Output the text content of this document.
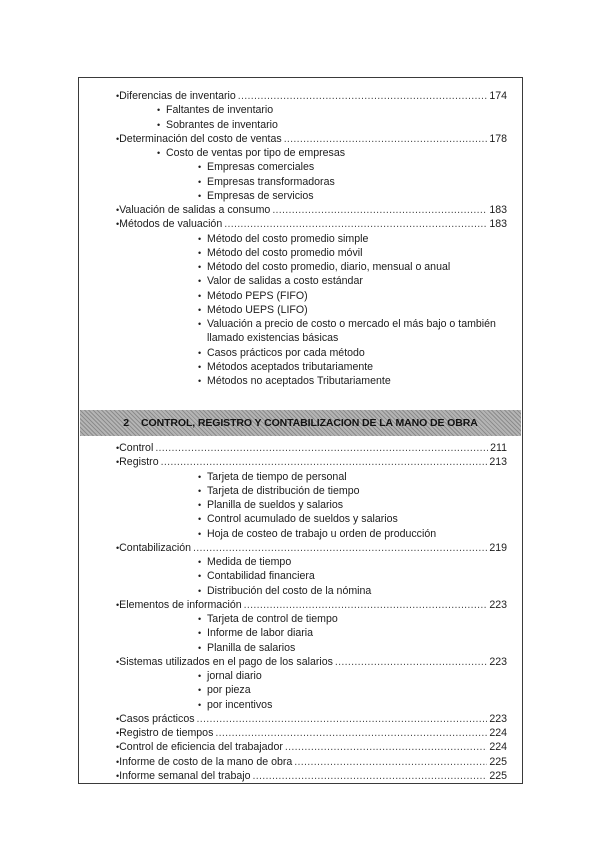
• Diferencias de inventario .....	174
• Faltantes de inventario
• Sobrantes de inventario
• Determinación del costo de ventas .....	178
• Costo de ventas por tipo de empresas
• Empresas comerciales
• Empresas transformadoras
• Empresas de servicios
• Valuación de salidas a consumo .....	183
• Métodos de valuación .....	183
• Método del costo promedio simple
• Método del costo promedio móvil
• Método del costo promedio, diario, mensual o anual
• Valor de salidas a costo estándar
• Método PEPS (FIFO)
• Método UEPS (LIFO)
• Valuación a precio de costo o mercado el más bajo o también
llamado existencias básicas
• Casos prácticos por cada método
• Métodos aceptados tributariamente
• Métodos no aceptados Tributariamente
2 CONTROL, REGISTRO Y CONTABILIZACION DE LA MANO DE OBRA
• Control .....	211
• Registro .....	213
• Tarjeta de tiempo de personal
• Tarjeta de distribución de tiempo
• Planilla de sueldos y salarios
• Control acumulado de sueldos y salarios
• Hoja de costeo de trabajo u orden de producción
• Contabilización .....	219
• Medida de tiempo
• Contabilidad financiera
• Distribución del costo de la nómina
• Elementos de información .....	223
• Tarjeta de control de tiempo
• Informe de labor diaria
• Planilla de salarios
• Sistemas utilizados en el pago de los salarios .....	223
• jornal diario
• por pieza
• por incentivos
• Casos prácticos .....	223
• Registro de tiempos .....	224
• Control de eficiencia del trabajador .....	224
• Informe de costo de la mano de obra .....	225
• Informe semanal del trabajo .....	225
